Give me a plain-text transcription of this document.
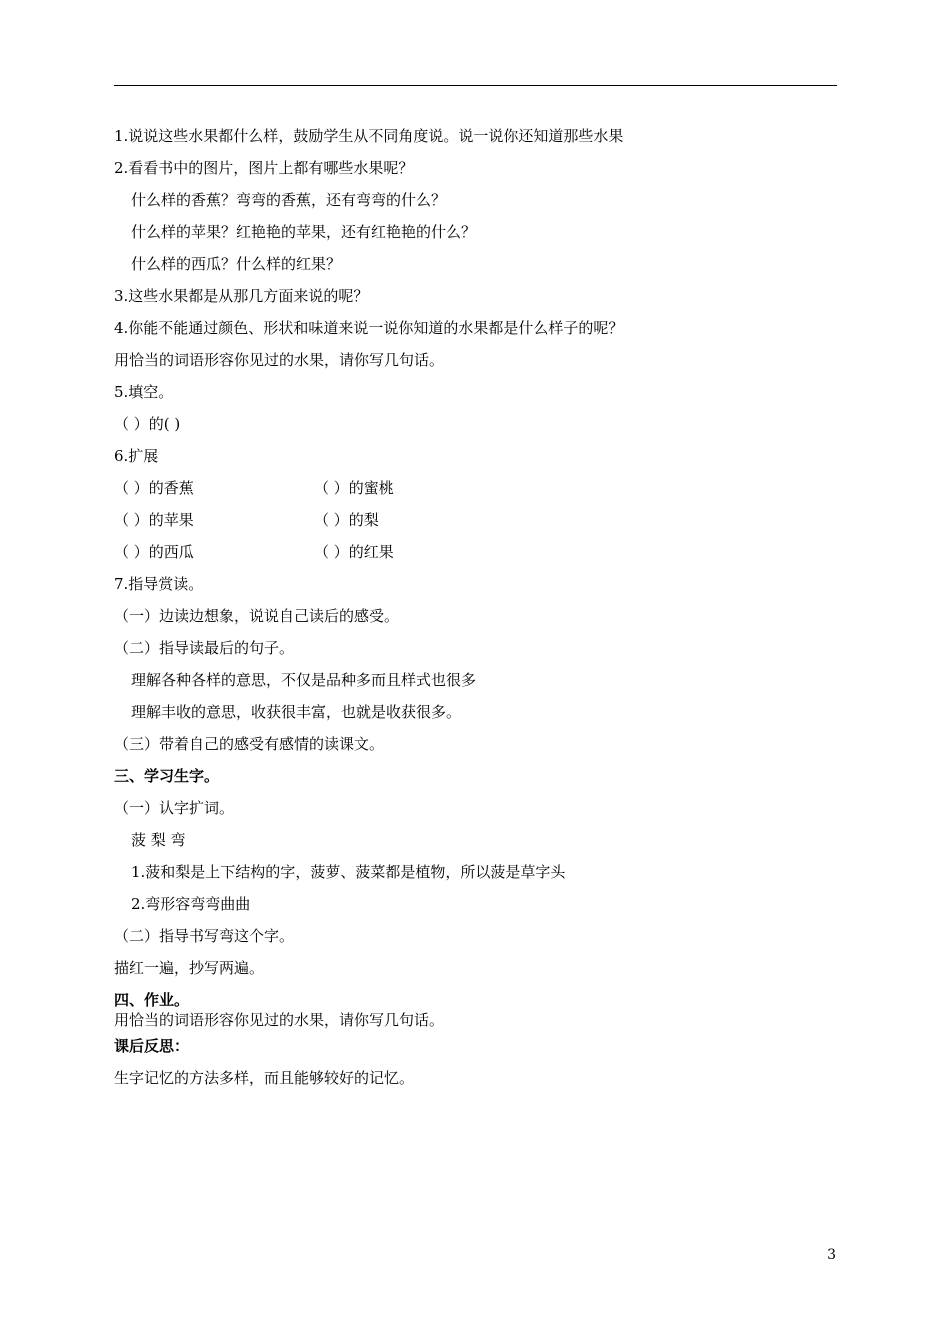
1.说说这些水果都什么样，鼓励学生从不同角度说。说一说你还知道那些水果
2.看看书中的图片，图片上都有哪些水果呢？
什么样的香蕉？弯弯的香蕉，还有弯弯的什么？
什么样的苹果？红艳艳的苹果，还有红艳艳的什么？
什么样的西瓜？什么样的红果？
3.这些水果都是从那几方面来说的呢？
4.你能不能通过颜色、形状和味道来说一说你知道的水果都是什么样子的呢？
用恰当的词语形容你见过的水果，请你写几句话。
5.填空。
（ ）的( )
6.扩展
（ ）的香蕉	（ ）的蜜桃
（ ）的苹果	（ ）的梨
（ ）的西瓜	（ ）的红果
7.指导赏读。
（一）边读边想象，说说自己读后的感受。
（二）指导读最后的句子。
理解各种各样的意思，不仅是品种多而且样式也很多
理解丰收的意思，收获很丰富，也就是收获很多。
（三）带着自己的感受有感情的读课文。
三、学习生字。
（一）认字扩词。
菠 梨 弯
1.菠和梨是上下结构的字，菠萝、菠菜都是植物，所以菠是草字头
2.弯形容弯弯曲曲
（二）指导书写弯这个字。
描红一遍，抄写两遍。
四、作业。
用恰当的词语形容你见过的水果，请你写几句话。
课后反思：
生字记忆的方法多样，而且能够较好的记忆。
3
